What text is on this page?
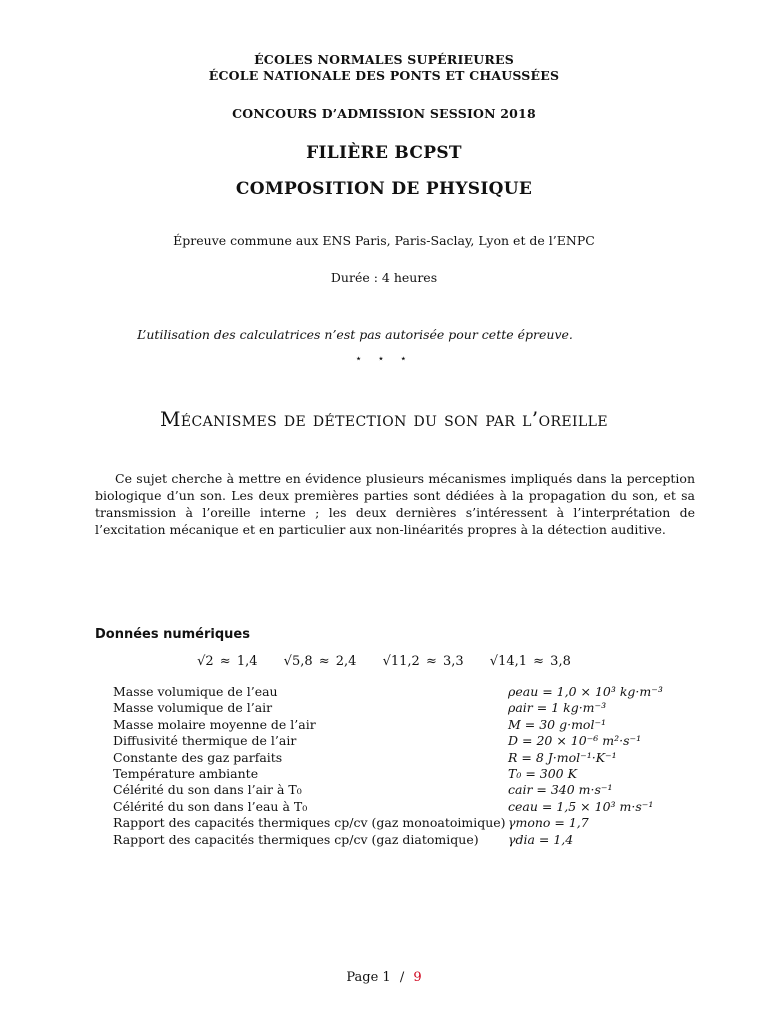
ÉCOLES NORMALES SUPÉRIEURES
ÉCOLE NATIONALE DES PONTS ET CHAUSSÉES
CONCOURS D’ADMISSION SESSION 2018
FILIÈRE BCPST
COMPOSITION DE PHYSIQUE
Épreuve commune aux ENS Paris, Paris-Saclay, Lyon et de l’ENPC
Durée : 4 heures
L’utilisation des calculatrices n’est pas autorisée pour cette épreuve.
⋆ ⋆ ⋆
Mécanismes de détection du son par l’oreille
Ce sujet cherche à mettre en évidence plusieurs mécanismes impliqués dans la perception biologique d’un son. Les deux premières parties sont dédiées à la propagation du son, et sa transmission à l’oreille interne ; les deux dernières s’intéressent à l’interprétation de l’excitation mécanique et en particulier aux non-linéarités propres à la détection auditive.
Données numériques
√2 ≈ 1,4 √5,8 ≈ 2,4 √11,2 ≈ 3,3 √14,1 ≈ 3,8
Masse volumique de l’eau	ρeau = 1,0 × 10³ kg·m⁻³
Masse volumique de l’air	ρair = 1 kg·m⁻³
Masse molaire moyenne de l’air	M = 30 g·mol⁻¹
Diffusivité thermique de l’air	D = 20 × 10⁻⁶ m²·s⁻¹
Constante des gaz parfaits	R = 8 J·mol⁻¹·K⁻¹
Température ambiante	T₀ = 300 K
Célérité du son dans l’air à T₀	cair = 340 m·s⁻¹
Célérité du son dans l’eau à T₀	ceau = 1,5 × 10³ m·s⁻¹
Rapport des capacités thermiques cp/cv (gaz monoatoimique)	γmono = 1,7
Rapport des capacités thermiques cp/cv (gaz diatomique)	γdia = 1,4
Page 1 / 9
